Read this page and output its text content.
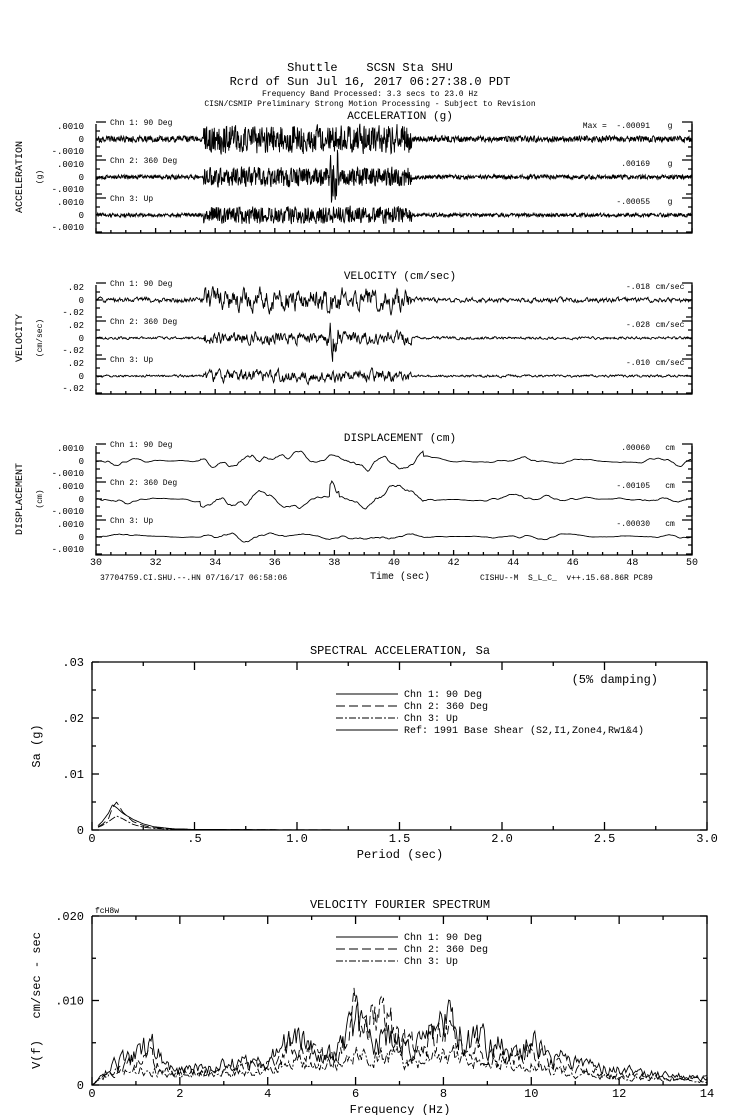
Shuttle    SCSN Sta SHU
Rcrd of Sun Jul 16, 2017 06:27:38.0 PDT
Frequency Band Processed: 3.3 secs to 23.0 Hz
CISN/CSMIP Preliminary Strong Motion Processing - Subject to Revision
ACCELERATION (g)
ACCELERATION (g)
.0010
0
-.0010
Chn 1: 90 Deg	Max =  -.00091 g
.0010
0
-.0010
Chn 2: 360 Deg	.00169 g
.0010
0
-.0010
Chn 3: Up	-.00055 g
VELOCITY (cm/sec)
VELOCITY (cm/sec)
.02
0
-.02
Chn 1: 90 Deg	-.018 cm/sec
.02
0
-.02
Chn 2: 360 Deg	-.028 cm/sec
.02
0
-.02
Chn 3: Up	-.010 cm/sec
DISPLACEMENT (cm)
DISPLACEMENT (cm)
.0010
0
-.0010
Chn 1: 90 Deg	.00060 cm
.0010
0
-.0010
Chn 2: 360 Deg	-.00105 cm
.0010
0
-.0010
Chn 3: Up	-.00030 cm
30	32	34	36	38	40	42	44	46	48	50
Time (sec)
SPECTRAL ACCELERATION, Sa
0	.5	1.0	1.5	2.0	2.5	3.0
.03
.02
.01
0
Period (sec)
Sa (g)
Chn 1: 90 Deg
Chn 2: 360 Deg
Chn 3: Up
Ref: 1991 Base Shear (S2,I1,Zone4,Rw1&4)
(5% damping)
VELOCITY FOURIER SPECTRUM
0	2	4	6	8	10	12	14
.020
.010
0
Frequency (Hz)
V(f)   cm/sec - sec	Chn 1: 90 Deg
Chn 2: 360 Deg
Chn 3: Up
fcH8w
37704759.CI.SHU.--.HN 07/16/17 06:58:06	CISHU--M  S_L_C_  v++.15.68.86R PC89
